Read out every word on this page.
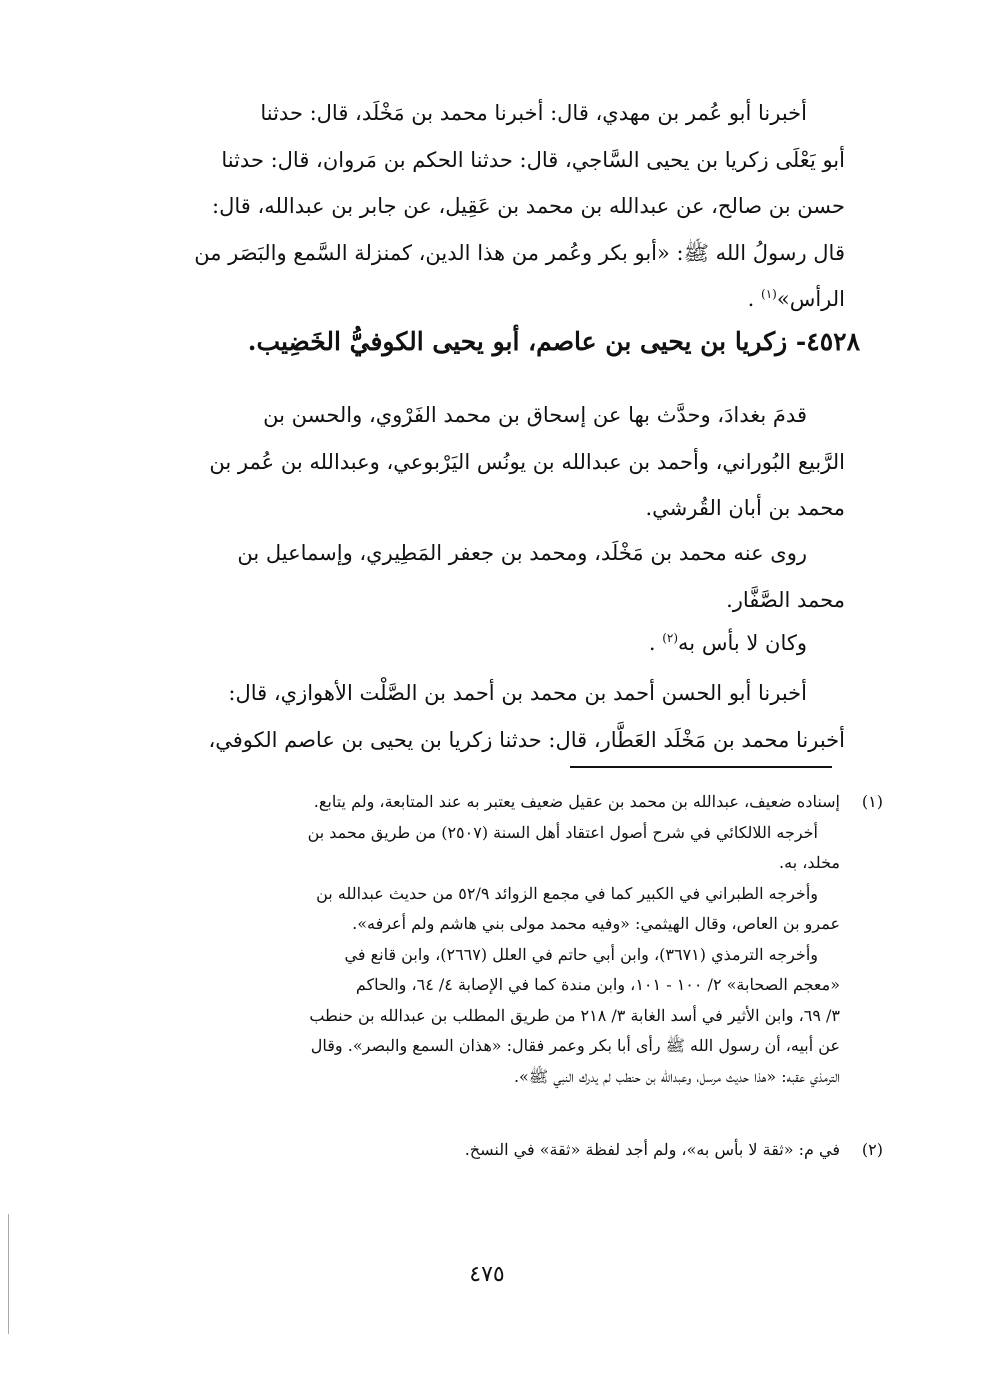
أخبرنا أبو عُمر بن مهدي، قال: أخبرنا محمد بن مَخْلَد، قال: حدثنا

أبو يَعْلَى زكريا بن يحيى السَّاجي، قال: حدثنا الحكم بن مَروان، قال: حدثنا

حسن بن صالح، عن عبدالله بن محمد بن عَقِيل، عن جابر بن عبدالله، قال:

قال رسولُ الله ﷺ: «أبو بكر وعُمر من هذا الدين، كمنزلة السَّمع والبَصَر من

الرأس»$^{(١)}$ .

٤٥٢٨- زكريا بن يحيى بن عاصم، أبو يحيى الكوفيُّ الخَضِيب.

قدمَ بغدادَ، وحدَّث بها عن إسحاق بن محمد الفَرْوي، والحسن بن

الرَّبيع البُوراني، وأحمد بن عبدالله بن يونُس اليَرْبوعي، وعبدالله بن عُمر بن

محمد بن أبان القُرشي.

روى عنه محمد بن مَخْلَد، ومحمد بن جعفر المَطِيري، وإسماعيل بن

محمد الصَّفَّار.

وكان لا بأس به$^{(٢)}$ .

أخبرنا أبو الحسن أحمد بن محمد بن أحمد بن الصَّلْت الأهوازي، قال:

أخبرنا محمد بن مَخْلَد العَطَّار، قال: حدثنا زكريا بن يحيى بن عاصم الكوفي،

(١)

إسناده ضعيف، عبدالله بن محمد بن عقيل ضعيف يعتبر به عند المتابعة، ولم يتابع.

أخرجه اللالكائي في شرح أصول اعتقاد أهل السنة (٢٥٠٧) من طريق محمد بن

مخلد، به.

وأخرجه الطبراني في الكبير كما في مجمع الزوائد ٥٢/٩ من حديث عبدالله بن

عمرو بن العاص، وقال الهيثمي: «وفيه محمد مولى بني هاشم ولم أعرفه».

وأخرجه الترمذي (٣٦٧١)، وابن أبي حاتم في العلل (٢٦٦٧)، وابن قانع في

«معجم الصحابة» ٢/ ١٠٠ - ١٠١، وابن مندة كما في الإصابة ٤/ ٦٤، والحاكم

٣/ ٦٩، وابن الأثير في أسد الغابة ٣/ ٢١٨ من طريق المطلب بن عبدالله بن حنطب

عن أبيه، أن رسول الله ﷺ رأى أبا بكر وعمر فقال: «هذان السمع والبصر». وقال

الترمذي عقبه: «هذا حديث مرسل، وعبدالله بن حنطب لم يدرك النبي ﷺ».

(٢)

في م: «ثقة لا بأس به»، ولم أجد لفظة «ثقة» في النسخ.

٤٧٥
